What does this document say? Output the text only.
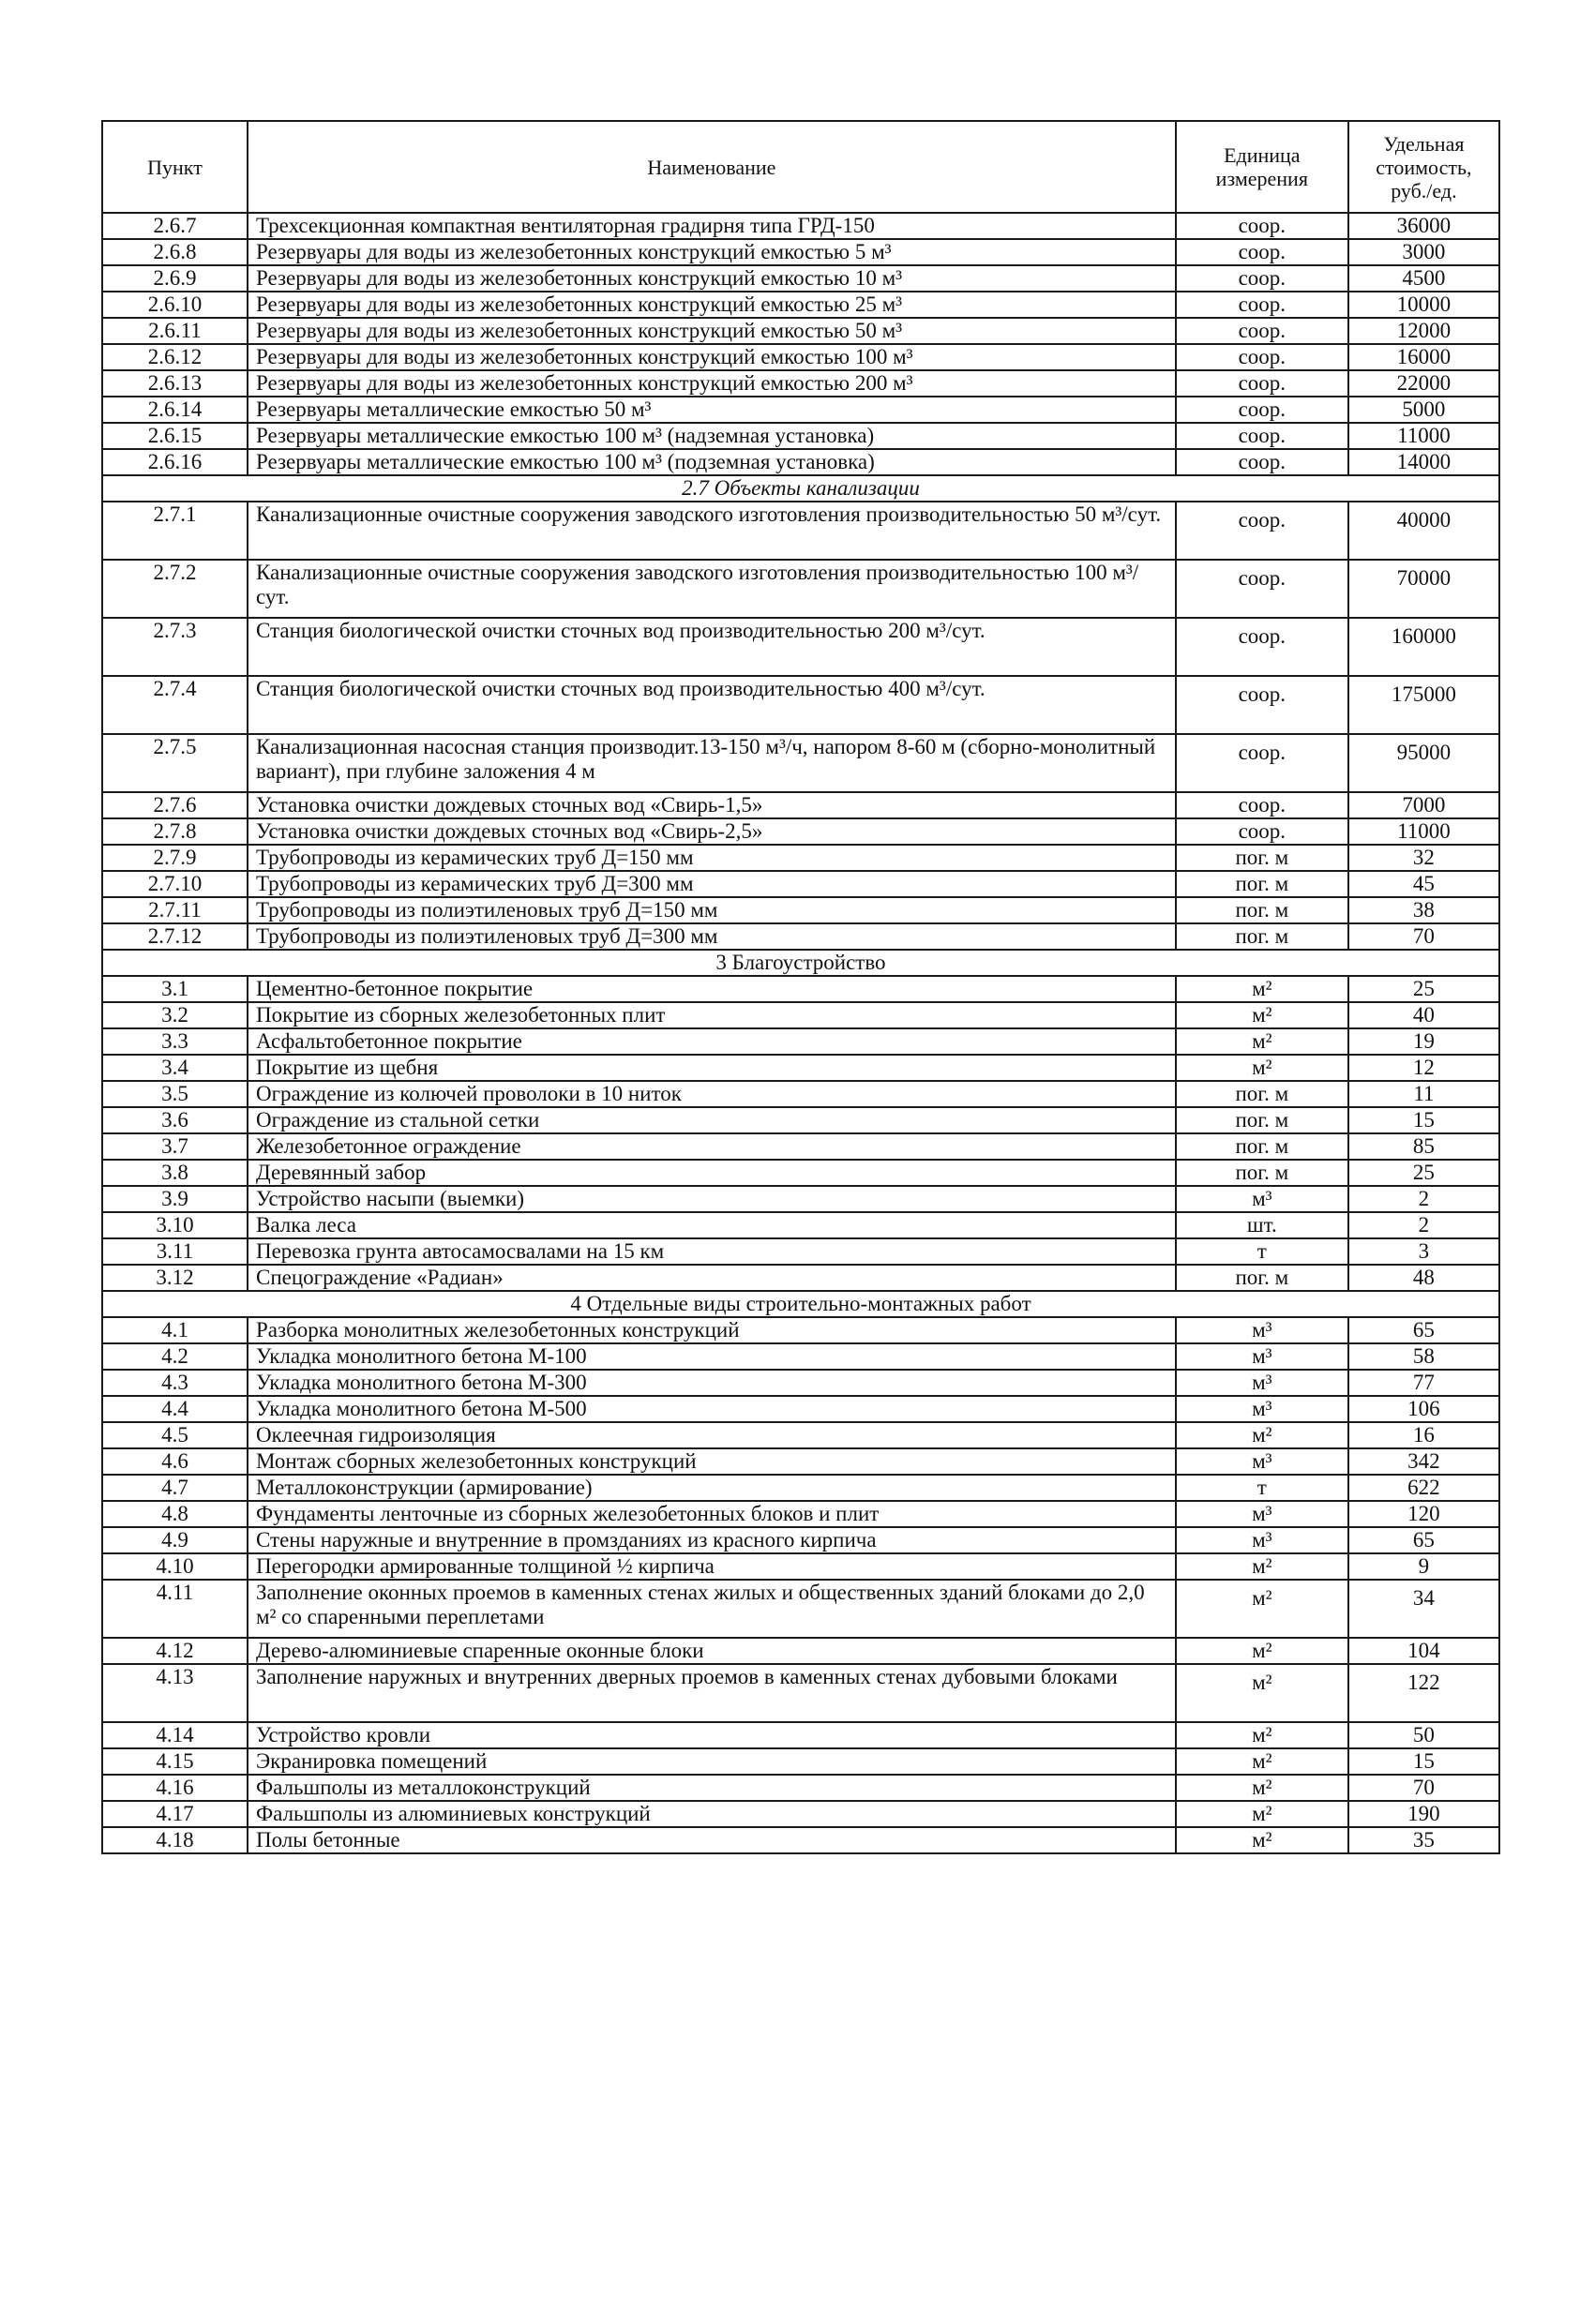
Пункт	Наименование	Единица измерения	Удельная стоимость, руб./ед.
2.6.7	Трехсекционная компактная вентиляторная градирня типа ГРД-150	соор.	36000
2.6.8	Резервуары для воды из железобетонных конструкций емкостью 5 м³	соор.	3000
2.6.9	Резервуары для воды из железобетонных конструкций емкостью 10 м³	соор.	4500
2.6.10	Резервуары для воды из железобетонных конструкций емкостью 25 м³	соор.	10000
2.6.11	Резервуары для воды из железобетонных конструкций емкостью 50 м³	соор.	12000
2.6.12	Резервуары для воды из железобетонных конструкций емкостью 100 м³	соор.	16000
2.6.13	Резервуары для воды из железобетонных конструкций емкостью 200 м³	соор.	22000
2.6.14	Резервуары металлические емкостью 50 м³	соор.	5000
2.6.15	Резервуары металлические емкостью 100 м³ (надземная установка)	соор.	11000
2.6.16	Резервуары металлические емкостью 100 м³ (подземная установка)	соор.	14000
2.7 Объекты канализации			
2.7.1	Канализационные очистные сооружения заводского изготовления производительностью 50 м³/сут.	соор.	40000
2.7.2	Канализационные очистные сооружения заводского изготовления производительностью 100 м³/сут.	соор.	70000
2.7.3	Станция биологической очистки сточных вод производительностью 200 м³/сут.	соор.	160000
2.7.4	Станция биологической очистки сточных вод производительностью 400 м³/сут.	соор.	175000
2.7.5	Канализационная насосная станция производит.13-150 м³/ч, напором 8-60 м (сборно-монолитный вариант), при глубине заложения 4 м	соор.	95000
2.7.6	Установка очистки дождевых сточных вод «Свирь-1,5»	соор.	7000
2.7.8	Установка очистки дождевых сточных вод «Свирь-2,5»	соор.	11000
2.7.9	Трубопроводы из керамических труб Д=150 мм	пог. м	32
2.7.10	Трубопроводы из керамических труб Д=300 мм	пог. м	45
2.7.11	Трубопроводы из полиэтиленовых труб Д=150 мм	пог. м	38
2.7.12	Трубопроводы из полиэтиленовых труб Д=300 мм	пог. м	70
3 Благоустройство			
3.1	Цементно-бетонное покрытие	м²	25
3.2	Покрытие из сборных железобетонных плит	м²	40
3.3	Асфальтобетонное покрытие	м²	19
3.4	Покрытие из щебня	м²	12
3.5	Ограждение из колючей проволоки в 10 ниток	пог. м	11
3.6	Ограждение из стальной сетки	пог. м	15
3.7	Железобетонное ограждение	пог. м	85
3.8	Деревянный забор	пог. м	25
3.9	Устройство насыпи (выемки)	м³	2
3.10	Валка леса	шт.	2
3.11	Перевозка грунта автосамосвалами на 15 км	т	3
3.12	Спецограждение «Радиан»	пог. м	48
4 Отдельные виды строительно-монтажных работ			
4.1	Разборка монолитных железобетонных конструкций	м³	65
4.2	Укладка монолитного бетона М-100	м³	58
4.3	Укладка монолитного бетона М-300	м³	77
4.4	Укладка монолитного бетона М-500	м³	106
4.5	Оклеечная гидроизоляция	м²	16
4.6	Монтаж сборных железобетонных конструкций	м³	342
4.7	Металлоконструкции (армирование)	т	622
4.8	Фундаменты ленточные из сборных железобетонных блоков и плит	м³	120
4.9	Стены наружные и внутренние в промзданиях из красного кирпича	м³	65
4.10	Перегородки армированные толщиной ½ кирпича	м²	9
4.11	Заполнение оконных проемов в каменных стенах жилых и общественных зданий блоками до 2,0 м² со спаренными переплетами	м²	34
4.12	Дерево-алюминиевые спаренные оконные блоки	м²	104
4.13	Заполнение наружных и внутренних дверных проемов в каменных стенах дубовыми блоками	м²	122
4.14	Устройство кровли	м²	50
4.15	Экранировка помещений	м²	15
4.16	Фальшполы из металлоконструкций	м²	70
4.17	Фальшполы из алюминиевых конструкций	м²	190
4.18	Полы бетонные	м²	35
